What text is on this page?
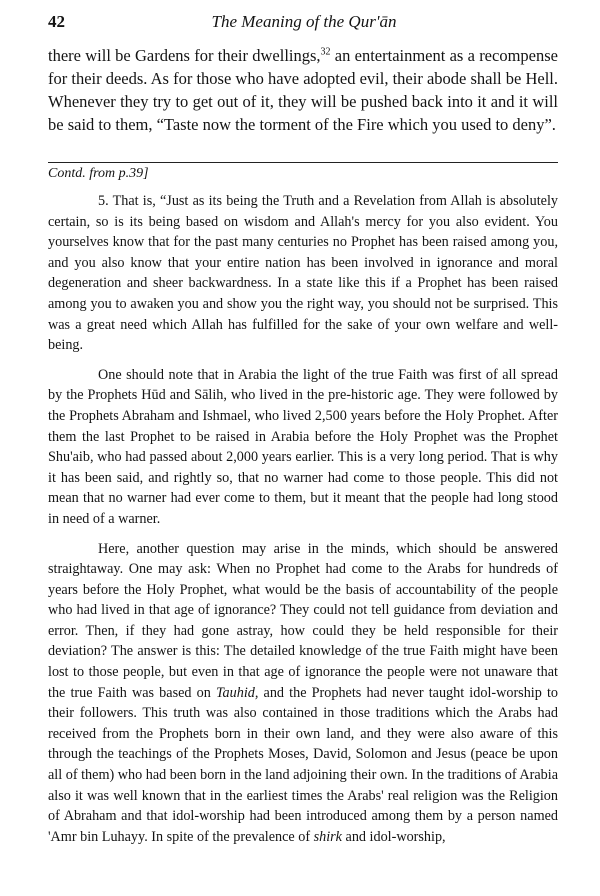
42	The Meaning of the Qur'ān

there will be Gardens for their dwellings,$^{32}$ an entertainment as a recompense for their deeds. As for those who have adopted evil, their abode shall be Hell. Whenever they try to get out of it, they will be pushed back into it and it will be said to them, “Taste now the torment of the Fire which you used to deny”.

Contd. from p.39]

5. That is, “Just as its being the Truth and a Revelation from Allah is absolutely certain, so is its being based on wisdom and Allah's mercy for you also evident. You yourselves know that for the past many centuries no Prophet has been raised among you, and you also know that your entire nation has been involved in ignorance and moral degeneration and sheer backwardness. In a state like this if a Prophet has been raised among you to awaken you and show you the right way, you should not be surprised. This was a great need which Allah has fulfilled for the sake of your own welfare and well-being.

One should note that in Arabia the light of the true Faith was first of all spread by the Prophets Hūd and Sālih, who lived in the pre-historic age. They were followed by the Prophets Abraham and Ishmael, who lived 2,500 years before the Holy Prophet. After them the last Prophet to be raised in Arabia before the Holy Prophet was the Prophet Shu'aib, who had passed about 2,000 years earlier. This is a very long period. That is why it has been said, and rightly so, that no warner had come to those people. This did not mean that no warner had ever come to them, but it meant that the people had long stood in need of a warner.

Here, another question may arise in the minds, which should be answered straightaway. One may ask: When no Prophet had come to the Arabs for hundreds of years before the Holy Prophet, what would be the basis of accountability of the people who had lived in that age of ignorance? They could not tell guidance from deviation and error. Then, if they had gone astray, how could they be held responsible for their deviation? The answer is this: The detailed knowledge of the true Faith might have been lost to those people, but even in that age of ignorance the people were not unaware that the true Faith was based on Tauhid, and the Prophets had never taught idol-worship to their followers. This truth was also contained in those traditions which the Arabs had received from the Prophets born in their own land, and they were also aware of this through the teachings of the Prophets Moses, David, Solomon and Jesus (peace be upon all of them) who had been born in the land adjoining their own. In the traditions of Arabia also it was well known that in the earliest times the Arabs' real religion was the Religion of Abraham and that idol-worship had been introduced among them by a person named 'Amr bin Luhayy. In spite of the prevalence of shirk and idol-worship,
